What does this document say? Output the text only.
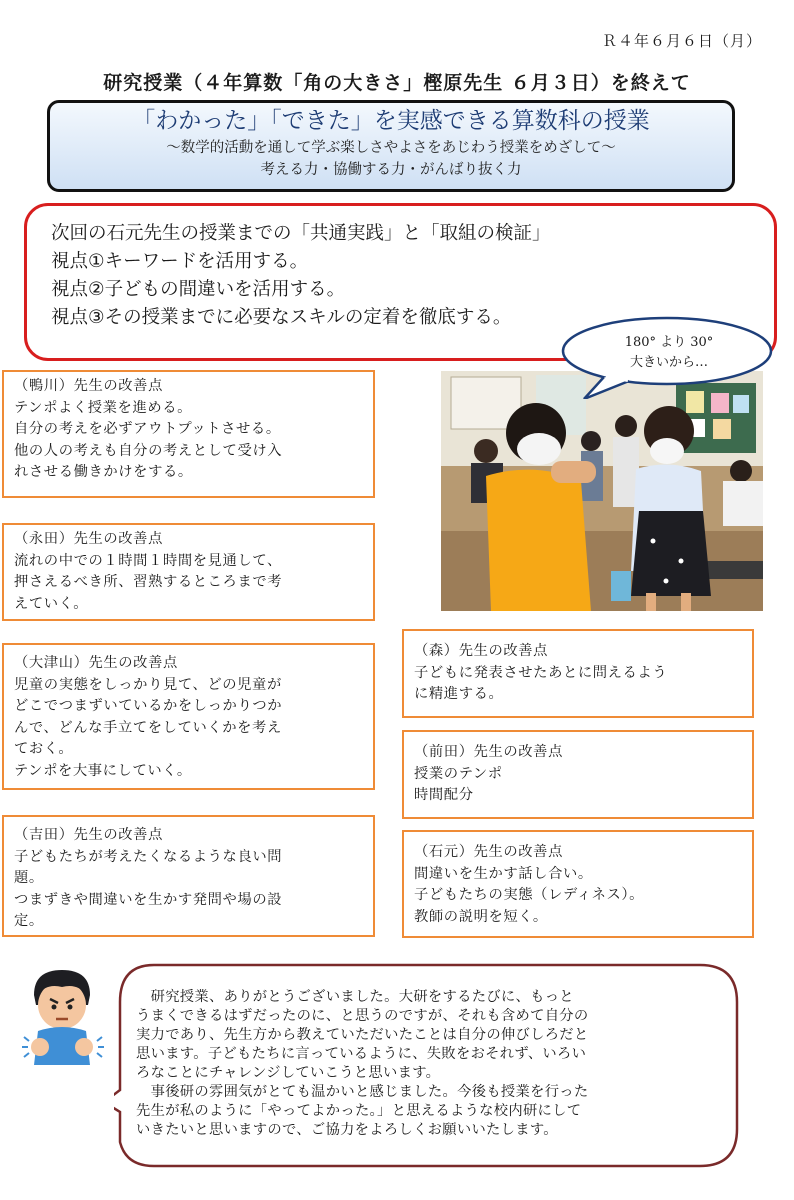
Ｒ４年６月６日（月）
研究授業（４年算数「角の大きさ」樫原先生 ６月３日）を終えて
「わかった」「できた」を実感できる算数科の授業
〜数学的活動を通して学ぶ楽しさやよさをあじわう授業をめざして〜
考える力・協働する力・がんばり抜く力
次回の石元先生の授業までの「共通実践」と「取組の検証」
視点①キーワードを活用する。
視点②子どもの間違いを活用する。
視点③その授業までに必要なスキルの定着を徹底する。
180° より 30°
大きいから…
（鴨川）先生の改善点
テンポよく授業を進める。
自分の考えを必ずアウトプットさせる。
他の人の考えも自分の考えとして受け入
れさせる働きかけをする。
（永田）先生の改善点
流れの中での１時間１時間を見通して、
押さえるべき所、習熟するところまで考
えていく。
（大津山）先生の改善点
児童の実態をしっかり見て、どの児童が
どこでつまずいているかをしっかりつか
んで、どんな手立てをしていくかを考え
ておく。
テンポを大事にしていく。
（吉田）先生の改善点
子どもたちが考えたくなるような良い問
題。
つまずきや間違いを生かす発問や場の設
定。
（森）先生の改善点
子どもに発表させたあとに問えるよう
に精進する。
（前田）先生の改善点
授業のテンポ
時間配分
（石元）先生の改善点
間違いを生かす話し合い。
子どもたちの実態（レディネス）。
教師の説明を短く。
　研究授業、ありがとうございました。大研をするたびに、もっと
うまくできるはずだったのに、と思うのですが、それも含めて自分の
実力であり、先生方から教えていただいたことは自分の伸びしろだと
思います。子どもたちに言っているように、失敗をおそれず、いろい
ろなことにチャレンジしていこうと思います。
　事後研の雰囲気がとても温かいと感じました。今後も授業を行った
先生が私のように「やってよかった。」と思えるような校内研にして
いきたいと思いますので、ご協力をよろしくお願いいたします。
